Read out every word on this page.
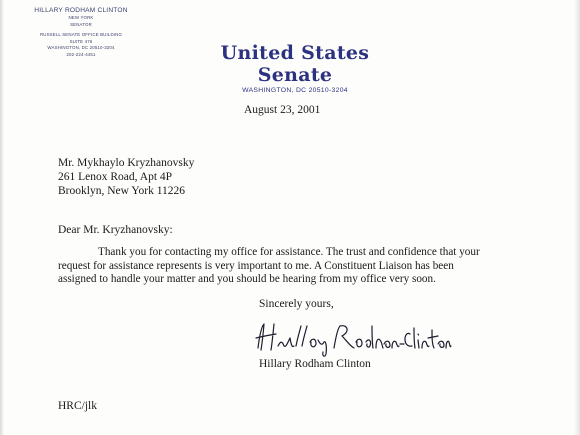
HILLARY RODHAM CLINTON
NEW YORK
SENATOR
RUSSELL SENATE OFFICE BUILDING
SUITE 476
WASHINGTON, DC 20510-3204
202-224-4451	United States Senate
WASHINGTON, DC 20510-3204
August 23, 2001
Mr. Mykhaylo Kryzhanovsky
261 Lenox Road, Apt 4P
Brooklyn, New York 11226
Dear Mr. Kryzhanovsky:
Thank you for contacting my office for assistance. The trust and confidence that your
request for assistance represents is very important to me. A Constituent Liaison has been
assigned to handle your matter and you should be hearing from my office very soon.
Sincerely yours,
Hillary Rodham Clinton
HRC/jlk
